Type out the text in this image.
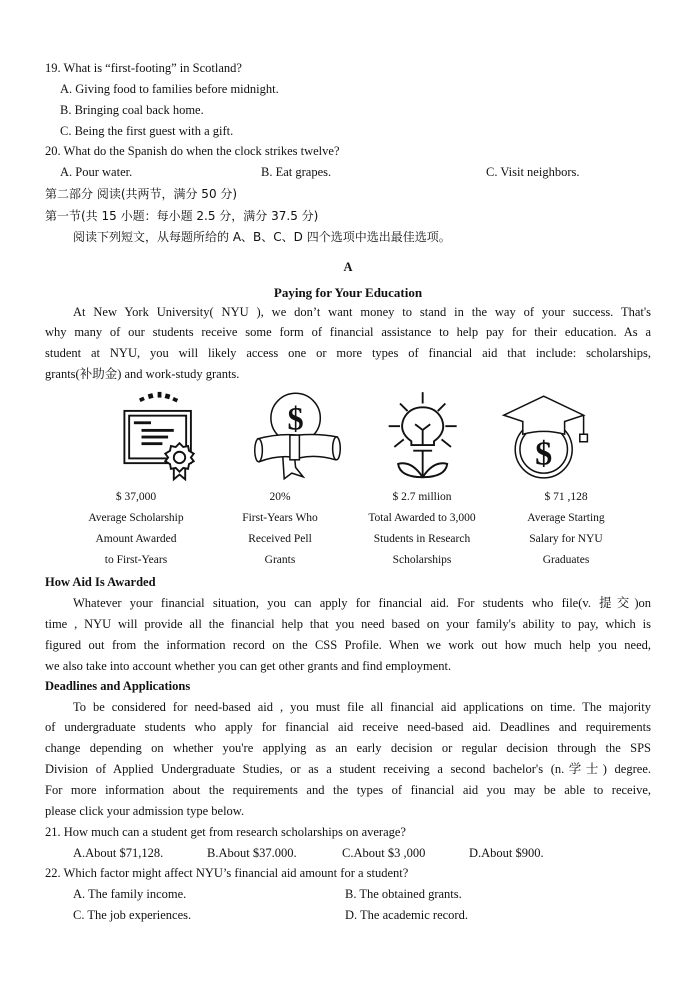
19. What is “first-footing” in Scotland?
A. Giving food to families before midnight.
B. Bringing coal back home.
C. Being the first guest with a gift.
20. What do the Spanish do when the clock strikes twelve?
A. Pour water.	B. Eat grapes.	C. Visit neighbors.
第二部分 阅读(共两节，满分 50 分)
第一节(共 15 小题：每小题 2.5 分，满分 37.5 分)
阅读下列短文，从每题所给的 A、B、C、D 四个选项中选出最佳选项。
A
Paying for Your Education
At New York University( NYU ), we don’t want money to stand in the way of your success. That's
why many of our students receive some form of financial assistance to help pay for their education. As a
student at NYU, you will likely access one or more types of financial aid that include: scholarships,
grants(补助金) and work-study grants.
$
$
$ 37,000
Average Scholarship
Amount Awarded
to First-Years
20%
First-Years Who
Received Pell
Grants
$ 2.7 million
Total Awarded to 3,000
Students in Research
Scholarships
$ 71 ,128
Average Starting
Salary for NYU
Graduates
How Aid Is Awarded
Whatever your financial situation, you can apply for financial aid. For students who file(v. 提交)on
time , NYU will provide all the financial help that you need based on your family's ability to pay, which is
figured out from the information record on the CSS Profile. When we work out how much help you need,
we also take into account whether you can get other grants and find employment.
Deadlines and Applications
To be considered for need-based aid , you must file all financial aid applications on time. The majority
of undergraduate students who apply for financial aid receive need-based aid. Deadlines and requirements
change depending on whether you're applying as an early decision or regular decision through the SPS
Division of Applied Undergraduate Studies, or as a student receiving a second bachelor's (n.学士) degree.
For more information about the requirements and the types of financial aid you may be able to receive,
please click your admission type below.
21. How much can a student get from research scholarships on average?
A.About $71,128.	B.About $37.000.	C.About $3 ,000	D.About $900.
22. Which factor might affect NYU’s financial aid amount for a student?
A. The family income.	B. The obtained grants.
C. The job experiences.	D. The academic record.
